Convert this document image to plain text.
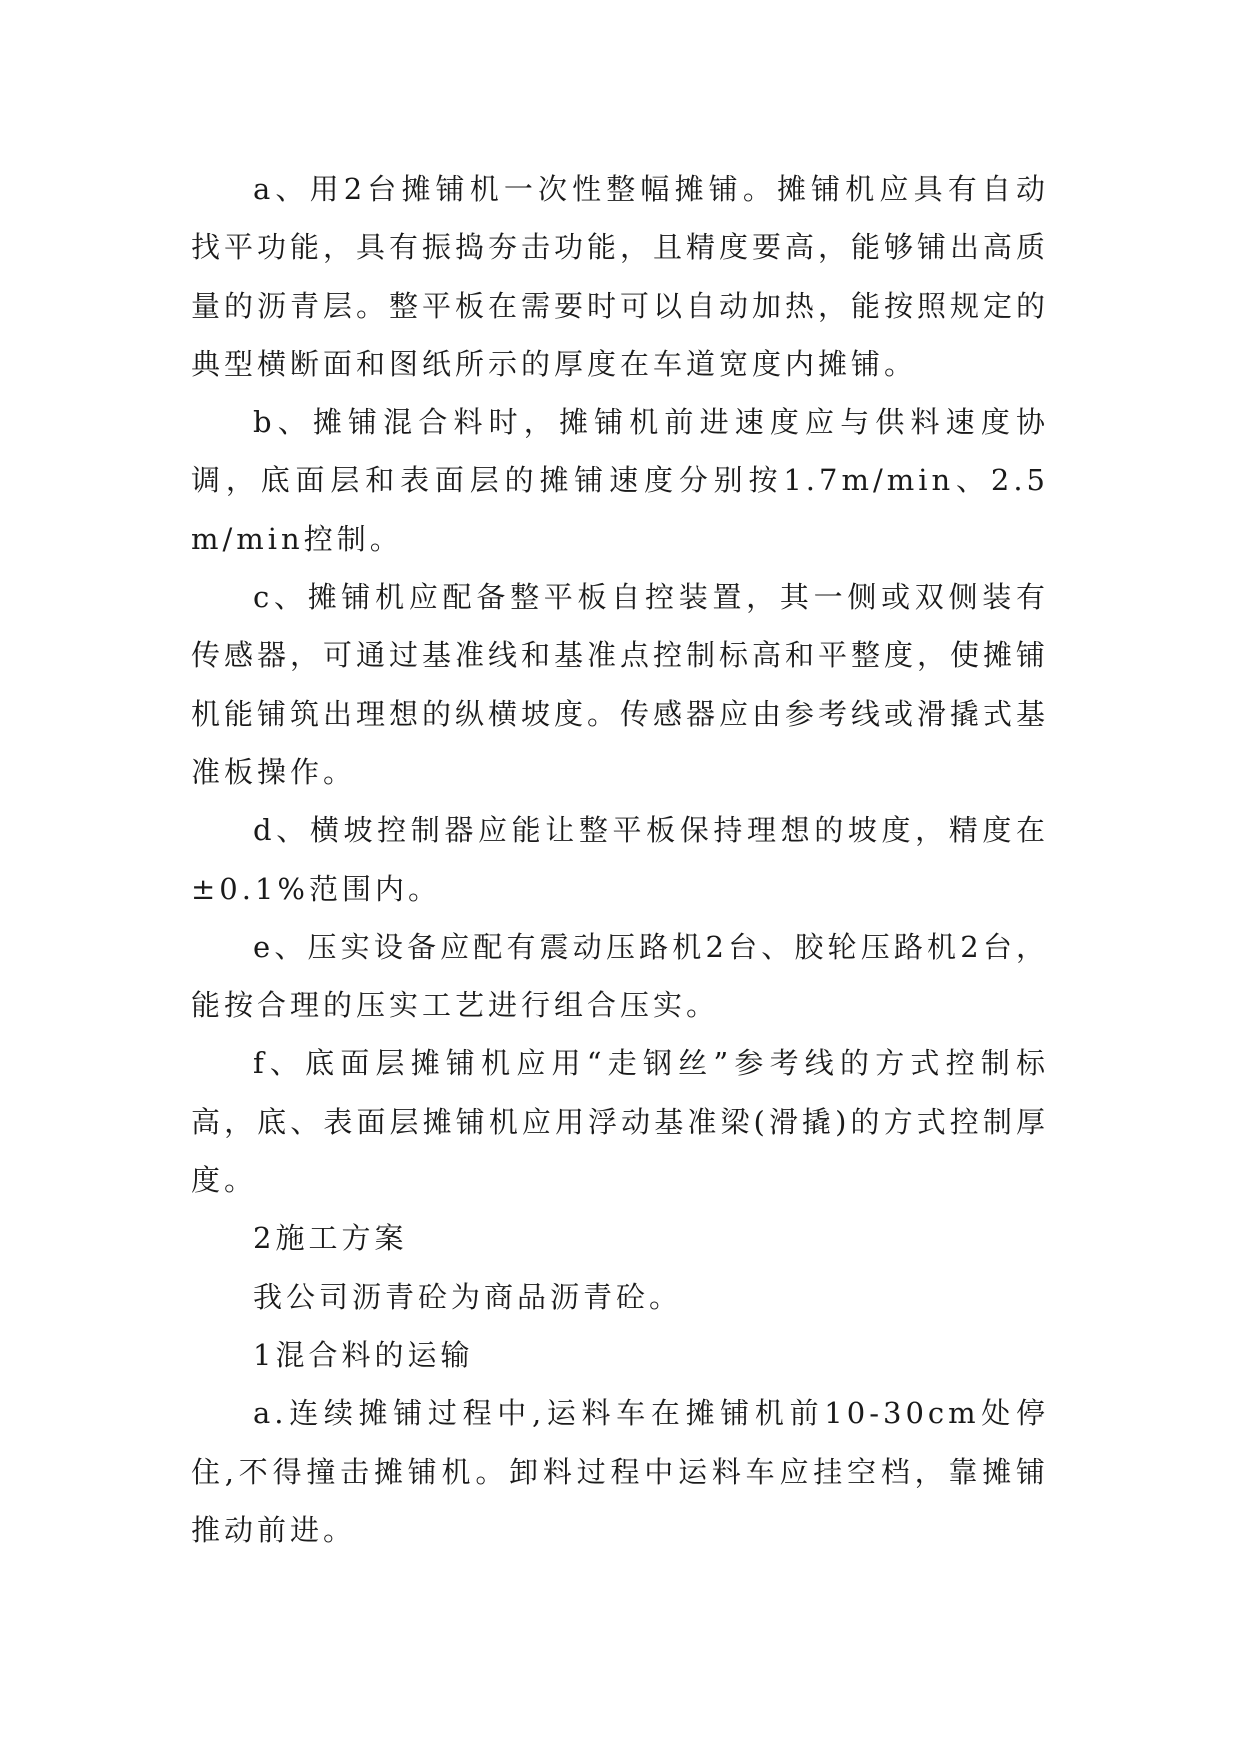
a、用2台摊铺机一次性整幅摊铺。摊铺机应具有自动找平功能，具有振捣夯击功能，且精度要高，能够铺出高质量的沥青层。整平板在需要时可以自动加热，能按照规定的典型横断面和图纸所示的厚度在车道宽度内摊铺。

b、摊铺混合料时，摊铺机前进速度应与供料速度协调，底面层和表面层的摊铺速度分别按1.7m/min、2.5m/min控制。

c、摊铺机应配备整平板自控装置，其一侧或双侧装有传感器，可通过基准线和基准点控制标高和平整度，使摊铺机能铺筑出理想的纵横坡度。传感器应由参考线或滑撬式基准板操作。

d、横坡控制器应能让整平板保持理想的坡度，精度在±0.1%范围内。

e、压实设备应配有震动压路机2台、胶轮压路机2台，能按合理的压实工艺进行组合压实。

f、底面层摊铺机应用“走钢丝”参考线的方式控制标高，底、表面层摊铺机应用浮动基准梁(滑撬)的方式控制厚度。

2施工方案

我公司沥青砼为商品沥青砼。

1混合料的运输

a.连续摊铺过程中,运料车在摊铺机前10-30cm处停住,不得撞击摊铺机。卸料过程中运料车应挂空档，靠摊铺推动前进。
